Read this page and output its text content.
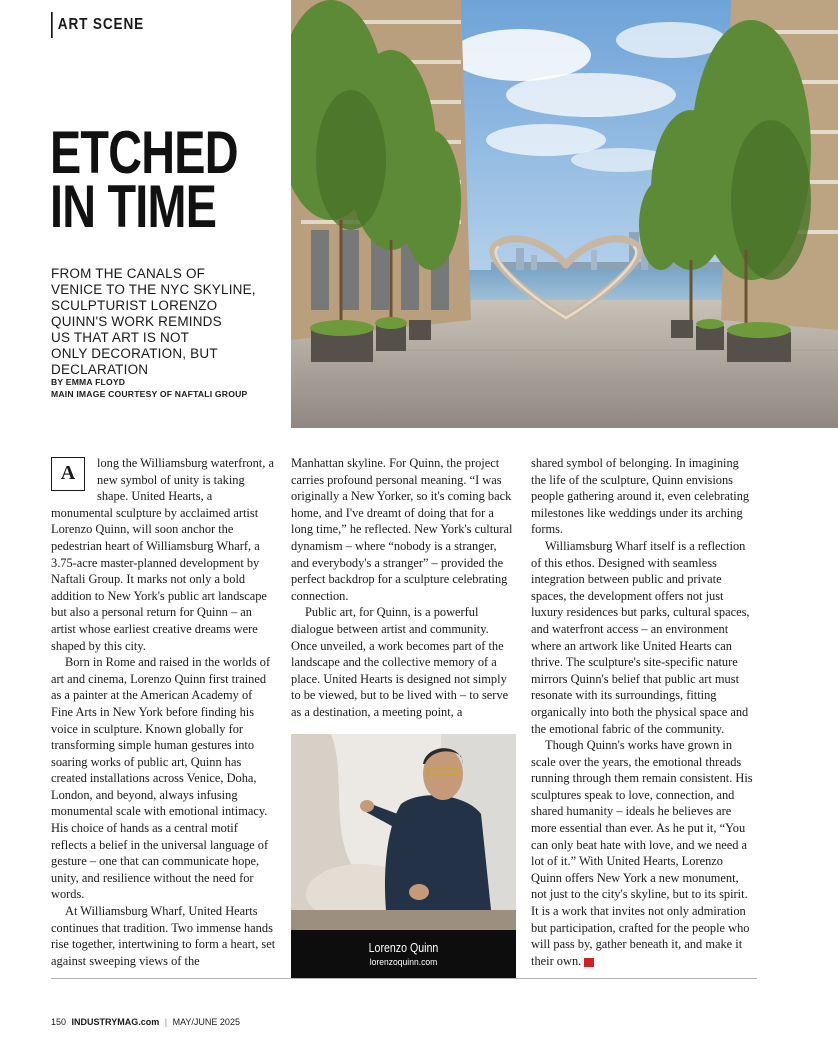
ART SCENE
ETCHED
IN TIME
FROM THE CANALS OF
VENICE TO THE NYC SKYLINE,
SCULPTURIST LORENZO
QUINN'S WORK REMINDS
US THAT ART IS NOT
ONLY DECORATION, BUT
DECLARATION
BY EMMA FLOYD
MAIN IMAGE COURTESY OF NAFTALI GROUP
A	long the Williamsburg waterfront, a new symbol of unity is taking shape. United Hearts, a monumental sculpture by acclaimed artist Lorenzo Quinn, will soon anchor the pedestrian heart of Williamsburg Wharf, a 3.75-acre master-planned development by Naftali Group. It marks not only a bold addition to New York's public art landscape but also a personal return for Quinn – an artist whose earliest creative dreams were shaped by this city.

Born in Rome and raised in the worlds of art and cinema, Lorenzo Quinn first trained as a painter at the American Academy of Fine Arts in New York before finding his voice in sculpture. Known globally for transforming simple human gestures into soaring works of public art, Quinn has created installations across Venice, Doha, London, and beyond, always infusing monumental scale with emotional intimacy. His choice of hands as a central motif reflects a belief in the universal language of gesture – one that can communicate hope, unity, and resilience without the need for words.

At Williamsburg Wharf, United Hearts continues that tradition. Two immense hands rise together, intertwining to form a heart, set against sweeping views of the

Manhattan skyline. For Quinn, the project carries profound personal meaning. “I was originally a New Yorker, so it's coming back home, and I've dreamt of doing that for a long time,” he reflected. New York's cultural dynamism – where “nobody is a stranger, and everybody's a stranger” – provided the perfect backdrop for a sculpture celebrating connection.

Public art, for Quinn, is a powerful dialogue between artist and community. Once unveiled, a work becomes part of the landscape and the collective memory of a place. United Hearts is designed not simply to be viewed, but to be lived with – to serve as a destination, a meeting point, a

Lorenzo Quinn
lorenzoquinn.com

shared symbol of belonging. In imagining the life of the sculpture, Quinn envisions people gathering around it, even celebrating milestones like weddings under its arching forms.

Williamsburg Wharf itself is a reflection of this ethos. Designed with seamless integration between public and private spaces, the development offers not just luxury residences but parks, cultural spaces, and waterfront access – an environment where an artwork like United Hearts can thrive. The sculpture's site-specific nature mirrors Quinn's belief that public art must resonate with its surroundings, fitting organically into both the physical space and the emotional fabric of the community.

Though Quinn's works have grown in scale over the years, the emotional threads running through them remain consistent. His sculptures speak to love, connection, and shared humanity – ideals he believes are more essential than ever. As he put it, “You can only beat hate with love, and we need a lot of it.” With United Hearts, Lorenzo Quinn offers New York a new monument, not just to the city's skyline, but to its spirit. It is a work that invites not only admiration but participation, crafted for the people who will pass by, gather beneath it, and make it their own. I

150 INDUSTRYMAG.com | MAY/JUNE 2025
